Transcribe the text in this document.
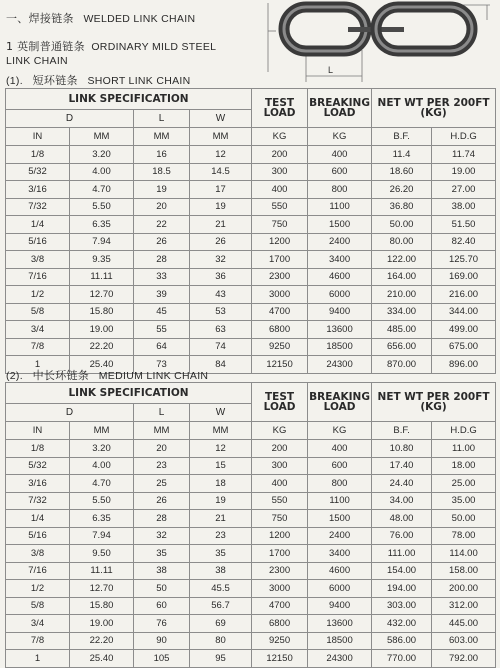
一、焊接链条 WELDED LINK CHAIN
1 英制普通链条 ORDINARY MILD STEEL
LINK CHAIN
L
(1). 短环链条 SHORT LINK CHAIN
LINK SPECIFICATION				TEST
LOAD	BREAKING
LOAD	NET WT PER 200FT
(KG)	
D		L	W				
IN	MM	MM	MM	KG	KG	B.F.	H.D.G
1/8	3.20	16	12	200	400	11.4	11.74
5/32	4.00	18.5	14.5	300	600	18.60	19.00
3/16	4.70	19	17	400	800	26.20	27.00
7/32	5.50	20	19	550	1100	36.80	38.00
1/4	6.35	22	21	750	1500	50.00	51.50
5/16	7.94	26	26	1200	2400	80.00	82.40
3/8	9.35	28	32	1700	3400	122.00	125.70
7/16	11.11	33	36	2300	4600	164.00	169.00
1/2	12.70	39	43	3000	6000	210.00	216.00
5/8	15.80	45	53	4700	9400	334.00	344.00
3/4	19.00	55	63	6800	13600	485.00	499.00
7/8	22.20	64	74	9250	18500	656.00	675.00
1	25.40	73	84	12150	24300	870.00	896.00
(2). 中长环链条 MEDIUM LINK CHAIN
LINK SPECIFICATION				TEST
LOAD	BREAKING
LOAD	NET WT PER 200FT
(KG)	
D		L	W				
IN	MM	MM	MM	KG	KG	B.F.	H.D.G
1/8	3.20	20	12	200	400	10.80	11.00
5/32	4.00	23	15	300	600	17.40	18.00
3/16	4.70	25	18	400	800	24.40	25.00
7/32	5.50	26	19	550	1100	34.00	35.00
1/4	6.35	28	21	750	1500	48.00	50.00
5/16	7.94	32	23	1200	2400	76.00	78.00
3/8	9.50	35	35	1700	3400	111.00	114.00
7/16	11.11	38	38	2300	4600	154.00	158.00
1/2	12.70	50	45.5	3000	6000	194.00	200.00
5/8	15.80	60	56.7	4700	9400	303.00	312.00
3/4	19.00	76	69	6800	13600	432.00	445.00
7/8	22.20	90	80	9250	18500	586.00	603.00
1	25.40	105	95	12150	24300	770.00	792.00
